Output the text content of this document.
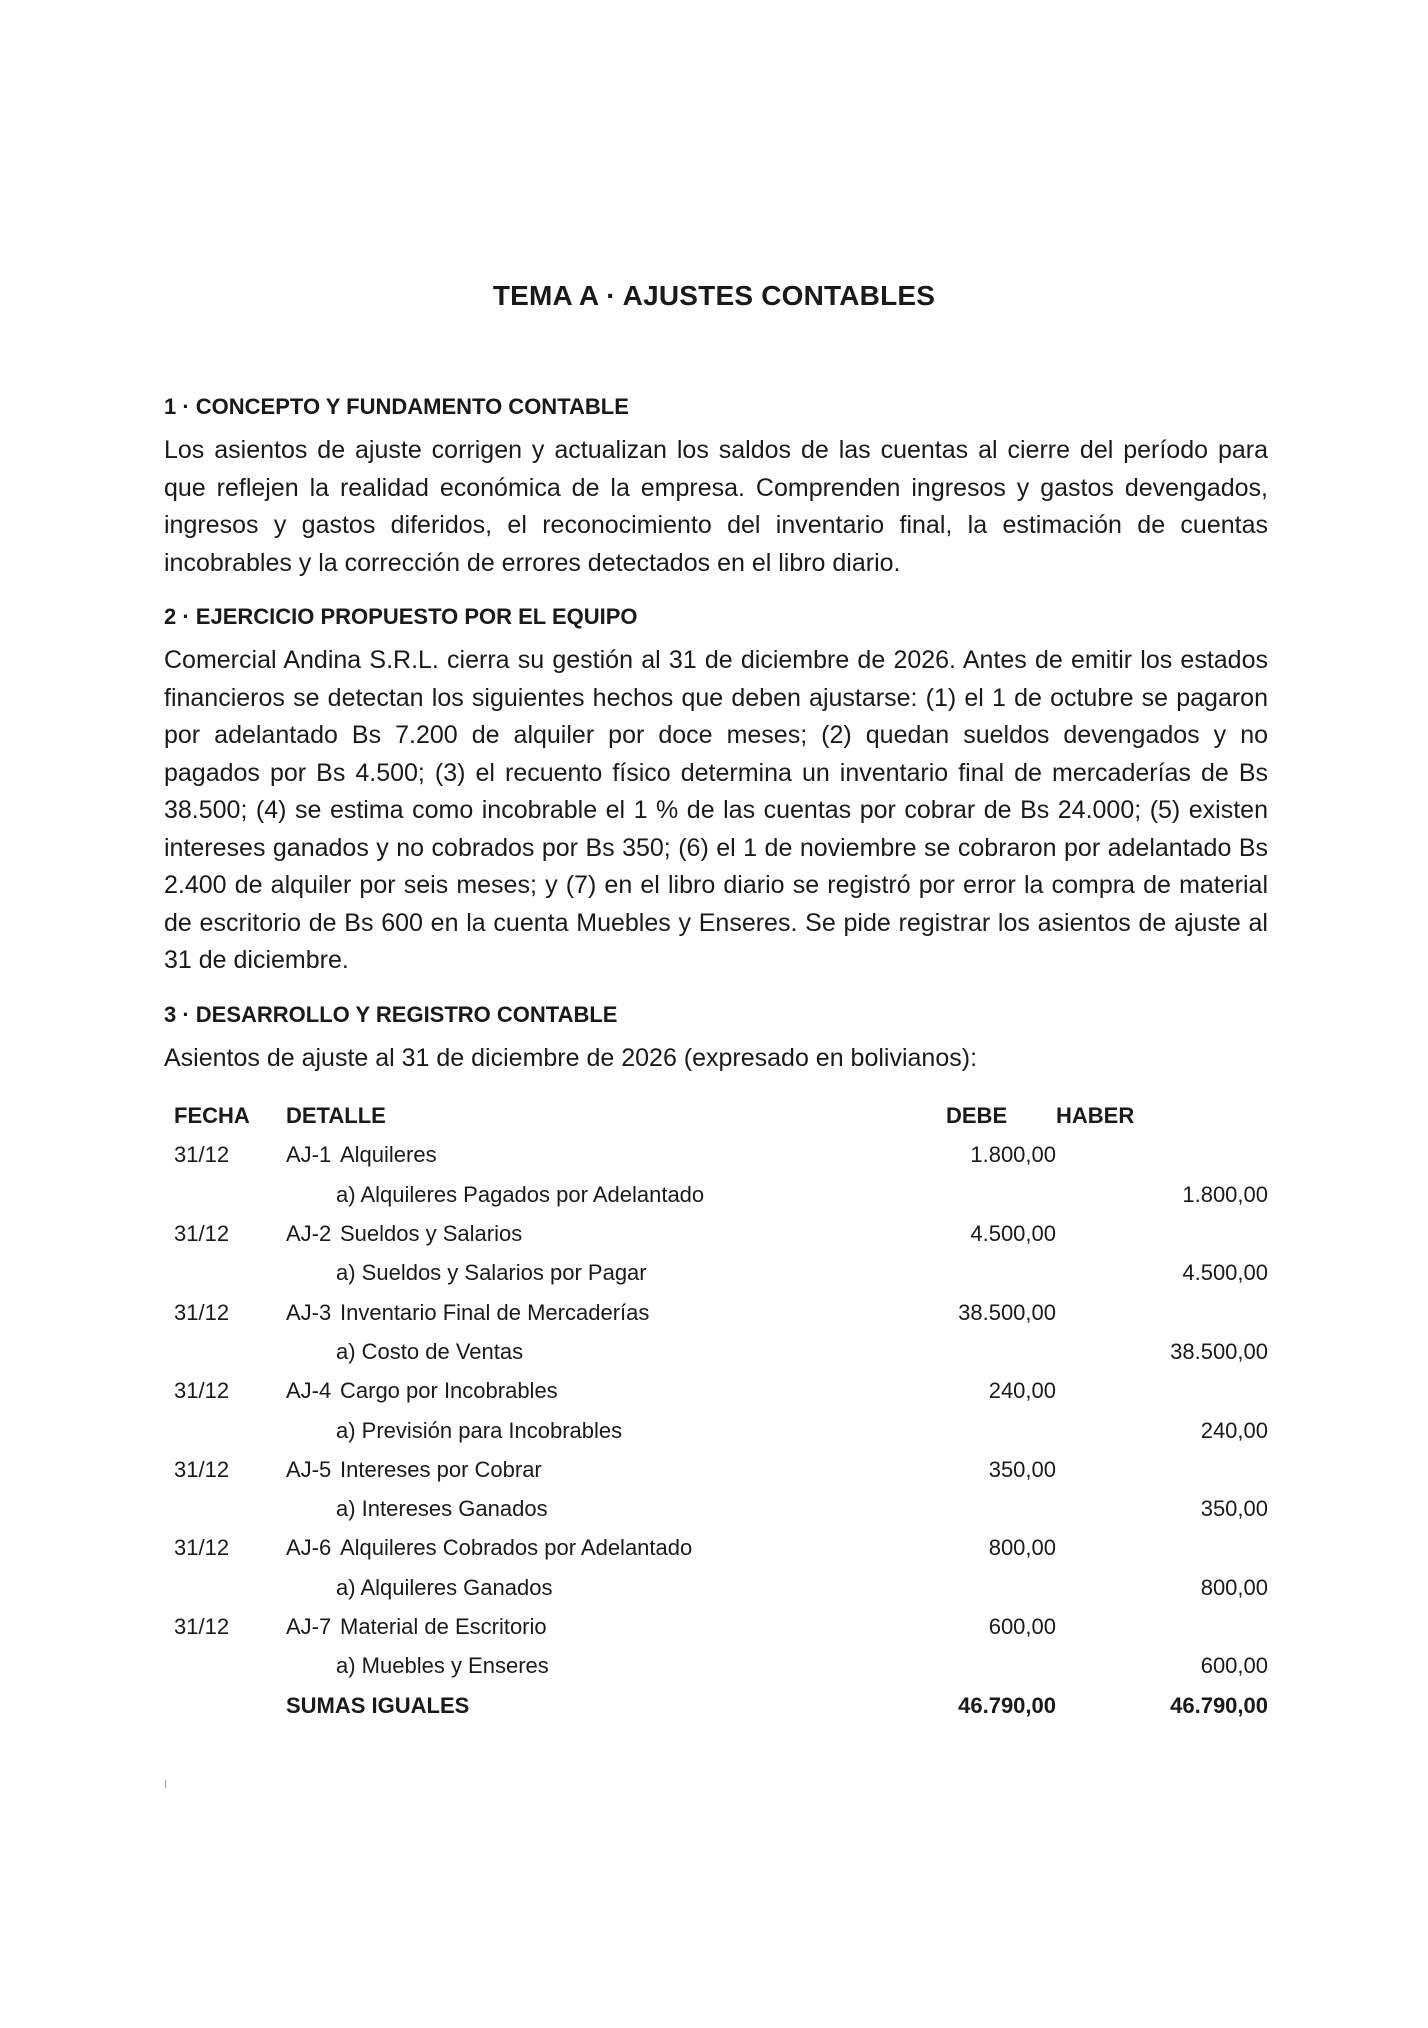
TEMA A · AJUSTES CONTABLES
1 · CONCEPTO Y FUNDAMENTO CONTABLE

Los asientos de ajuste corrigen y actualizan los saldos de las cuentas al cierre del período para que reflejen la realidad económica de la empresa. Comprenden ingresos y gastos devengados, ingresos y gastos diferidos, el reconocimiento del inventario final, la estimación de cuentas incobrables y la corrección de errores detectados en el libro diario.

2 · EJERCICIO PROPUESTO POR EL EQUIPO

Comercial Andina S.R.L. cierra su gestión al 31 de diciembre de 2026. Antes de emitir los estados financieros se detectan los siguientes hechos que deben ajustarse: (1) el 1 de octubre se pagaron por adelantado Bs 7.200 de alquiler por doce meses; (2) quedan sueldos devengados y no pagados por Bs 4.500; (3) el recuento físico determina un inventario final de mercaderías de Bs 38.500; (4) se estima como incobrable el 1 % de las cuentas por cobrar de Bs 24.000; (5) existen intereses ganados y no cobrados por Bs 350; (6) el 1 de noviembre se cobraron por adelantado Bs 2.400 de alquiler por seis meses; y (7) en el libro diario se registró por error la compra de material de escritorio de Bs 600 en la cuenta Muebles y Enseres. Se pide registrar los asientos de ajuste al 31 de diciembre.

3 · DESARROLLO Y REGISTRO CONTABLE

Asientos de ajuste al 31 de diciembre de 2026 (expresado en bolivianos):

FECHA	DETALLE	DEBE	HABER
31/12	AJ-1 Alquileres	1.800,00	
	a) Alquileres Pagados por Adelantado		1.800,00
31/12	AJ-2 Sueldos y Salarios	4.500,00	
	a) Sueldos y Salarios por Pagar		4.500,00
31/12	AJ-3 Inventario Final de Mercaderías	38.500,00	
	a) Costo de Ventas		38.500,00
31/12	AJ-4 Cargo por Incobrables	240,00	
	a) Previsión para Incobrables		240,00
31/12	AJ-5 Intereses por Cobrar	350,00	
	a) Intereses Ganados		350,00
31/12	AJ-6 Alquileres Cobrados por Adelantado	800,00	
	a) Alquileres Ganados		800,00
31/12	AJ-7 Material de Escritorio	600,00	
	a) Muebles y Enseres		600,00
	SUMAS IGUALES	46.790,00	46.790,00
